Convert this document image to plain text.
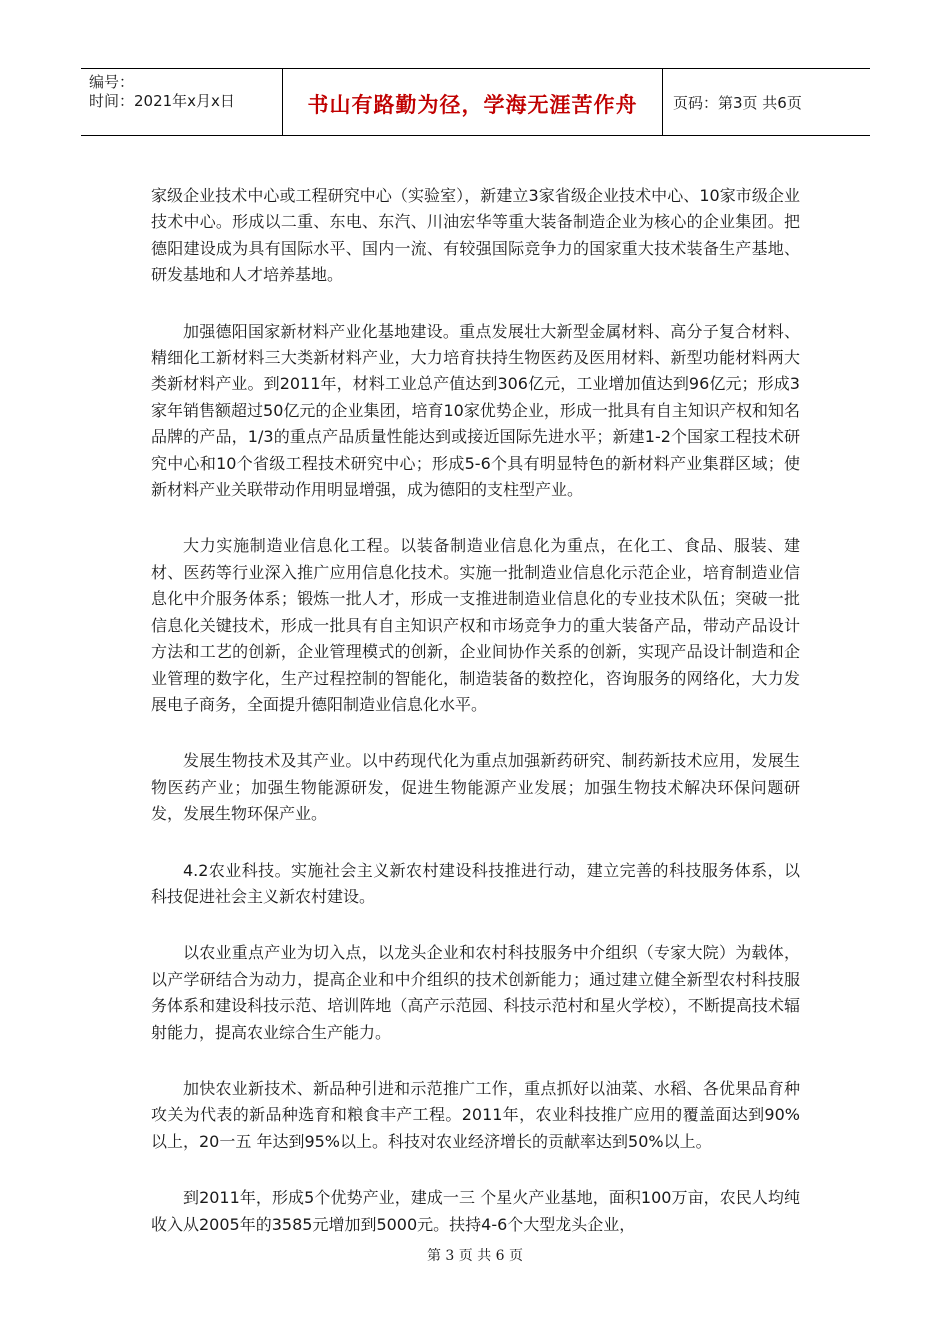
编号：
时间：2021年x月x日	书山有路勤为径，学海无涯苦作舟	页码：第3页 共6页

家级企业技术中心或工程研究中心（实验室），新建立3家省级企业技术中心、10家市级企业技术中心。形成以二重、东电、东汽、川油宏华等重大装备制造企业为核心的企业集团。把德阳建设成为具有国际水平、国内一流、有较强国际竞争力的国家重大技术装备生产基地、研发基地和人才培养基地。

加强德阳国家新材料产业化基地建设。重点发展壮大新型金属材料、高分子复合材料、精细化工新材料三大类新材料产业，大力培育扶持生物医药及医用材料、新型功能材料两大类新材料产业。到2011年，材料工业总产值达到306亿元，工业增加值达到96亿元；形成3家年销售额超过50亿元的企业集团，培育10家优势企业，形成一批具有自主知识产权和知名品牌的产品，1/3的重点产品质量性能达到或接近国际先进水平；新建1-2个国家工程技术研究中心和10个省级工程技术研究中心；形成5-6个具有明显特色的新材料产业集群区域；使新材料产业关联带动作用明显增强，成为德阳的支柱型产业。

大力实施制造业信息化工程。以装备制造业信息化为重点，在化工、食品、服装、建材、医药等行业深入推广应用信息化技术。实施一批制造业信息化示范企业，培育制造业信息化中介服务体系；锻炼一批人才，形成一支推进制造业信息化的专业技术队伍；突破一批信息化关键技术，形成一批具有自主知识产权和市场竞争力的重大装备产品，带动产品设计方法和工艺的创新，企业管理模式的创新，企业间协作关系的创新，实现产品设计制造和企业管理的数字化，生产过程控制的智能化，制造装备的数控化，咨询服务的网络化，大力发展电子商务，全面提升德阳制造业信息化水平。

发展生物技术及其产业。以中药现代化为重点加强新药研究、制药新技术应用，发展生物医药产业；加强生物能源研发，促进生物能源产业发展；加强生物技术解决环保问题研发，发展生物环保产业。

4.2农业科技。实施社会主义新农村建设科技推进行动，建立完善的科技服务体系，以科技促进社会主义新农村建设。

以农业重点产业为切入点，以龙头企业和农村科技服务中介组织（专家大院）为载体，以产学研结合为动力，提高企业和中介组织的技术创新能力；通过建立健全新型农村科技服务体系和建设科技示范、培训阵地（高产示范园、科技示范村和星火学校），不断提高技术辐射能力，提高农业综合生产能力。

加快农业新技术、新品种引进和示范推广工作，重点抓好以油菜、水稻、各优果品育种攻关为代表的新品种选育和粮食丰产工程。2011年，农业科技推广应用的覆盖面达到90%以上，20一五 年达到95%以上。科技对农业经济增长的贡献率达到50%以上。

到2011年，形成5个优势产业，建成一三 个星火产业基地，面积100万亩，农民人均纯收入从2005年的3585元增加到5000元。扶持4-6个大型龙头企业，

第 3 页 共 6 页
